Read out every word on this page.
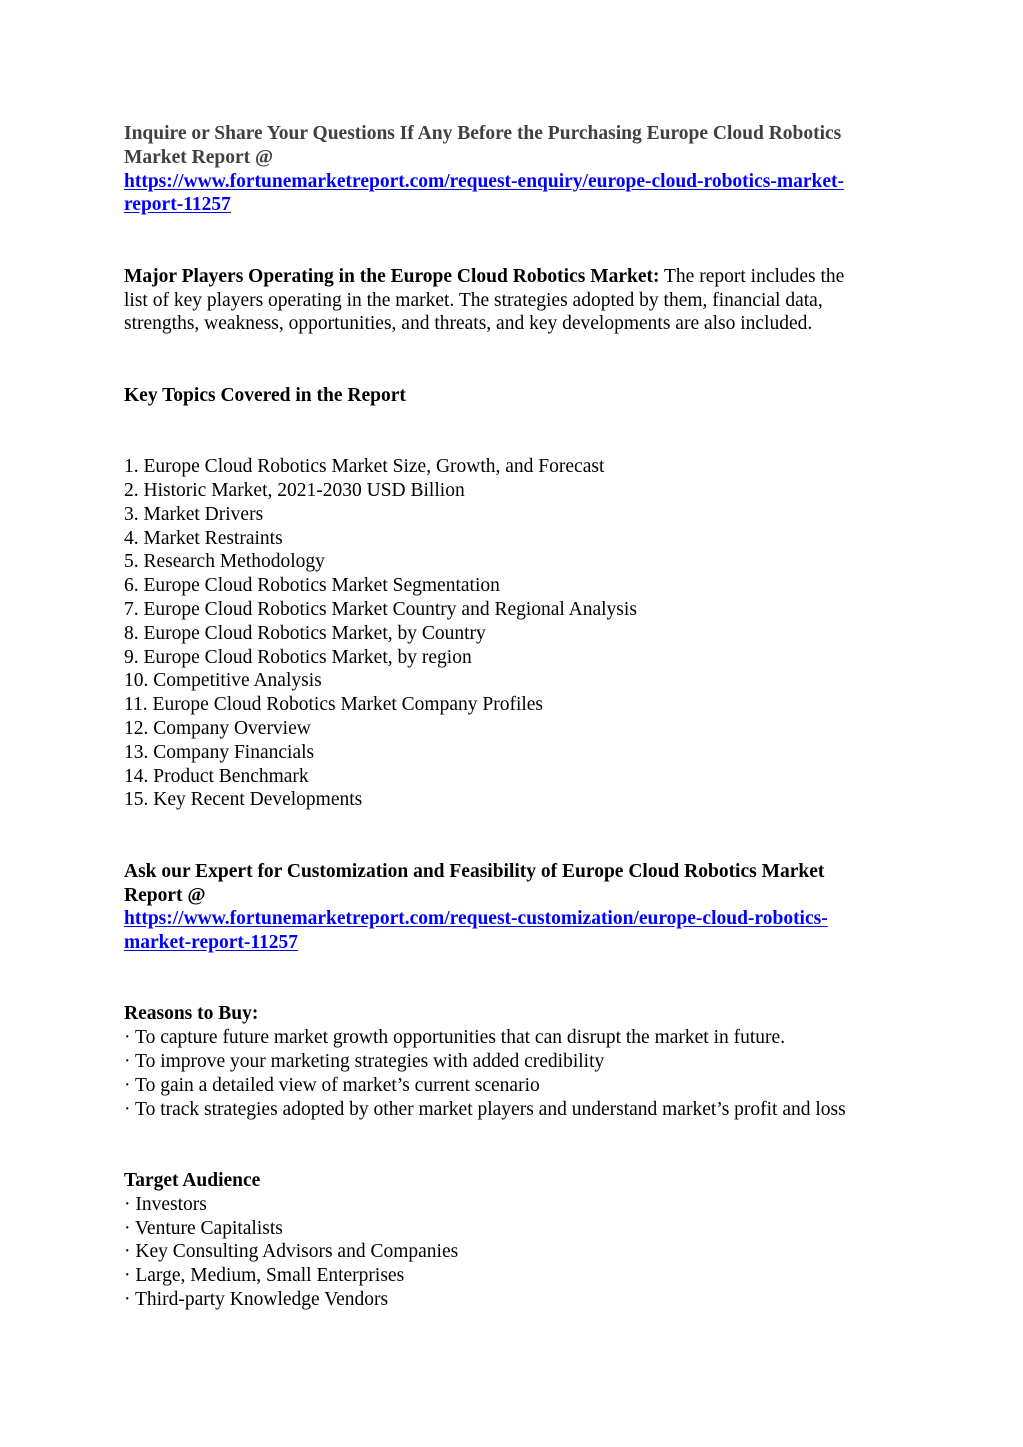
Inquire or Share Your Questions If Any Before the Purchasing Europe Cloud Robotics

Market Report @

https://www.fortunemarketreport.com/request-enquiry/europe-cloud-robotics-market-
report-11257

Major Players Operating in the Europe Cloud Robotics Market: The report includes the

list of key players operating in the market. The strategies adopted by them, financial data,

strengths, weakness, opportunities, and threats, and key developments are also included.

Key Topics Covered in the Report

1. Europe Cloud Robotics Market Size, Growth, and Forecast

2. Historic Market, 2021-2030 USD Billion

3. Market Drivers

4. Market Restraints

5. Research Methodology

6. Europe Cloud Robotics Market Segmentation

7. Europe Cloud Robotics Market Country and Regional Analysis

8. Europe Cloud Robotics Market, by Country

9. Europe Cloud Robotics Market, by region

10. Competitive Analysis

11. Europe Cloud Robotics Market Company Profiles

12. Company Overview

13. Company Financials

14. Product Benchmark

15. Key Recent Developments

Ask our Expert for Customization and Feasibility of Europe Cloud Robotics Market

Report @

https://www.fortunemarketreport.com/request-customization/europe-cloud-robotics-
market-report-11257

Reasons to Buy:

· To capture future market growth opportunities that can disrupt the market in future.

· To improve your marketing strategies with added credibility

· To gain a detailed view of market’s current scenario

· To track strategies adopted by other market players and understand market’s profit and loss

Target Audience

· Investors

· Venture Capitalists

· Key Consulting Advisors and Companies

· Large, Medium, Small Enterprises

· Third-party Knowledge Vendors
